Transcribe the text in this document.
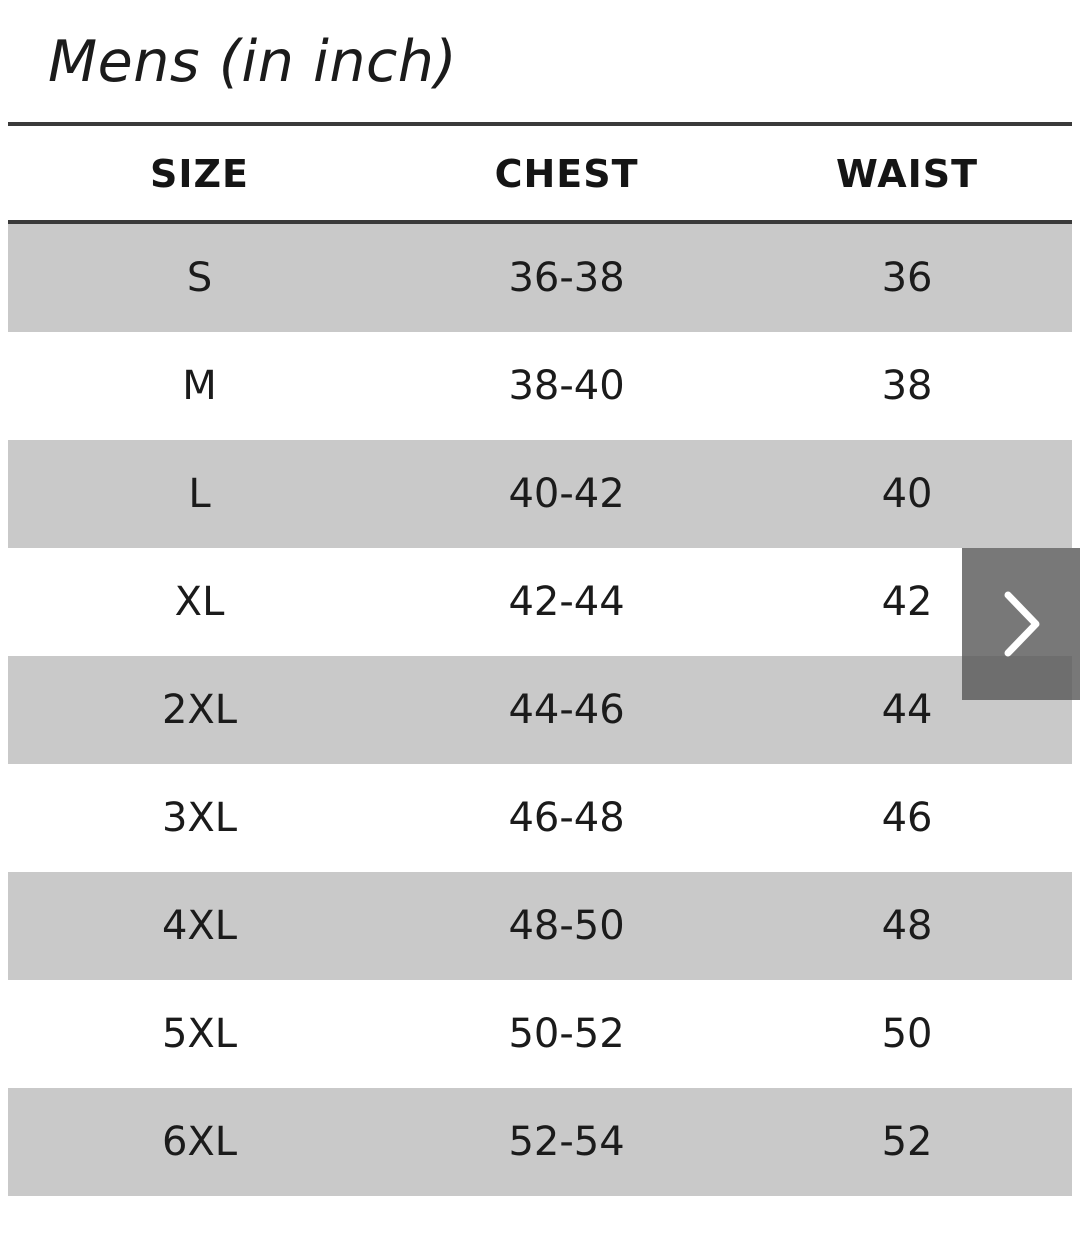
Mens (in inch)
SIZE	CHEST	WAIST
S	36-38	36
M	38-40	38
L	40-42	40
XL	42-44	42
2XL	44-46	44
3XL	46-48	46
4XL	48-50	48
5XL	50-52	50
6XL	52-54	52
